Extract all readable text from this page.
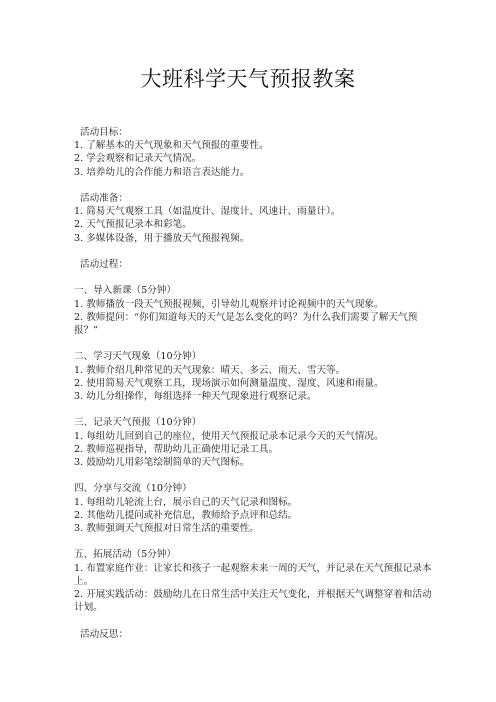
大班科学天气预报教案
活动目标：
1. 了解基本的天气现象和天气预报的重要性。
2. 学会观察和记录天气情况。
3. 培养幼儿的合作能力和语言表达能力。
活动准备：
1. 简易天气观察工具（如温度计、湿度计、风速计、雨量计）。
2. 天气预报记录本和彩笔。
3. 多媒体设备，用于播放天气预报视频。
活动过程：
一、导入新课（5分钟）
1. 教师播放一段天气预报视频，引导幼儿观察并讨论视频中的天气现象。
2. 教师提问：“你们知道每天的天气是怎么变化的吗？为什么我们需要了解天气预报？”
二、学习天气现象（10分钟）
1. 教师介绍几种常见的天气现象：晴天、多云、雨天、雪天等。
2. 使用简易天气观察工具，现场演示如何测量温度、湿度、风速和雨量。
3. 幼儿分组操作，每组选择一种天气现象进行观察记录。
三、记录天气预报（10分钟）
1. 每组幼儿回到自己的座位，使用天气预报记录本记录今天的天气情况。
2. 教师巡视指导，帮助幼儿正确使用记录工具。
3. 鼓励幼儿用彩笔绘制简单的天气图标。
四、分享与交流（10分钟）
1. 每组幼儿轮流上台，展示自己的天气记录和图标。
2. 其他幼儿提问或补充信息，教师给予点评和总结。
3. 教师强调天气预报对日常生活的重要性。
五、拓展活动（5分钟）
1. 布置家庭作业：让家长和孩子一起观察未来一周的天气，并记录在天气预报记录本上。
2. 开展实践活动：鼓励幼儿在日常生活中关注天气变化，并根据天气调整穿着和活动计划。
活动反思：
